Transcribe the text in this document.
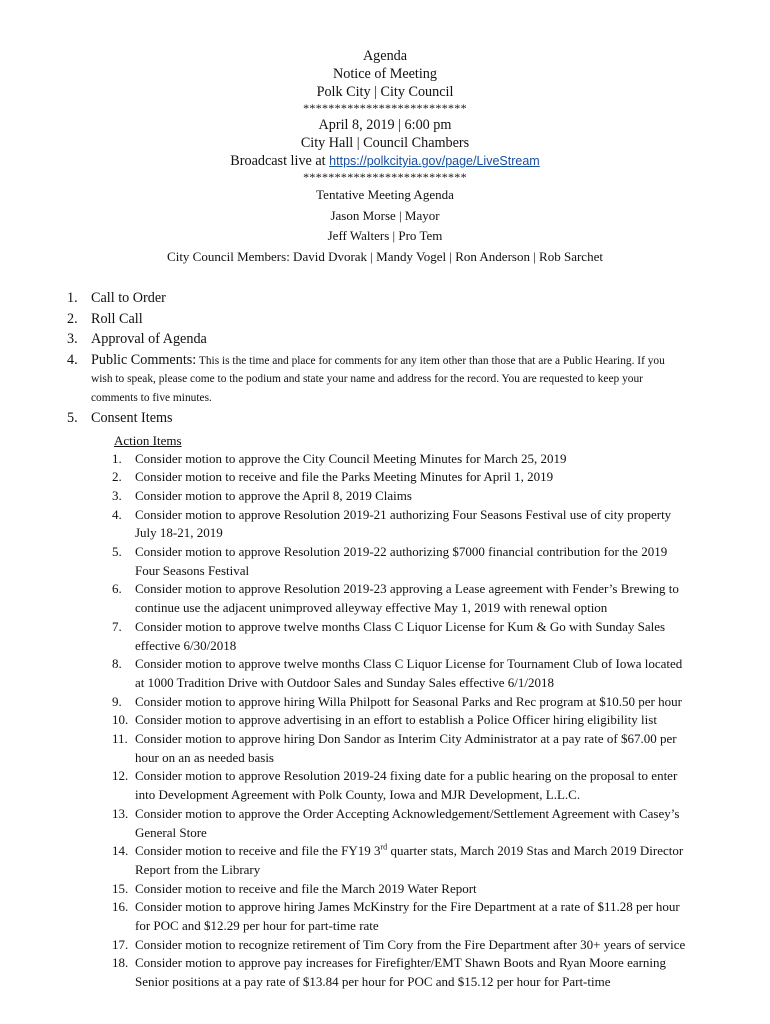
Agenda
Notice of Meeting
Polk City | City Council
**************************
April 8, 2019 | 6:00 pm
City Hall | Council Chambers
Broadcast live at https://polkcityia.gov/page/LiveStream
**************************
Tentative Meeting Agenda
Jason Morse | Mayor
Jeff Walters | Pro Tem
City Council Members: David Dvorak | Mandy Vogel | Ron Anderson | Rob Sarchet
1. Call to Order
2. Roll Call
3. Approval of Agenda
4. Public Comments: This is the time and place for comments for any item other than those that are a Public Hearing. If you
wish to speak, please come to the podium and state your name and address for the record. You are requested to keep your
comments to five minutes.
5. Consent Items
Action Items
1.	Consider motion to approve the City Council Meeting Minutes for March 25, 2019
2.	Consider motion to receive and file the Parks Meeting Minutes for April 1, 2019
3.	Consider motion to approve the April 8, 2019 Claims
4.	Consider motion to approve Resolution 2019-21 authorizing Four Seasons Festival use of city property
July 18-21, 2019
5.	Consider motion to approve Resolution 2019-22 authorizing $7000 financial contribution for the 2019
Four Seasons Festival
6.	Consider motion to approve Resolution 2019-23 approving a Lease agreement with Fender’s Brewing to
continue use the adjacent unimproved alleyway effective May 1, 2019 with renewal option
7.	Consider motion to approve twelve months Class C Liquor License for Kum & Go with Sunday Sales
effective 6/30/2018
8.	Consider motion to approve twelve months Class C Liquor License for Tournament Club of Iowa located
at 1000 Tradition Drive with Outdoor Sales and Sunday Sales effective 6/1/2018
9.	Consider motion to approve hiring Willa Philpott for Seasonal Parks and Rec program at $10.50 per hour
10. Consider motion to approve advertising in an effort to establish a Police Officer hiring eligibility list
11. Consider motion to approve hiring Don Sandor as Interim City Administrator at a pay rate of $67.00 per
hour on an as needed basis
12. Consider motion to approve Resolution 2019-24 fixing date for a public hearing on the proposal to enter
into Development Agreement with Polk County, Iowa and MJR Development, L.L.C.
13. Consider motion to approve the Order Accepting Acknowledgement/Settlement Agreement with Casey’s
General Store
14. Consider motion to receive and file the FY19 3rd quarter stats, March 2019 Stas and March 2019 Director
Report from the Library
15. Consider motion to receive and file the March 2019 Water Report
16. Consider motion to approve hiring James McKinstry for the Fire Department at a rate of $11.28 per hour
for POC and $12.29 per hour for part-time rate
17. Consider motion to recognize retirement of Tim Cory from the Fire Department after 30+ years of service
18. Consider motion to approve pay increases for Firefighter/EMT Shawn Boots and Ryan Moore earning
Senior positions at a pay rate of $13.84 per hour for POC and $15.12 per hour for Part-time
